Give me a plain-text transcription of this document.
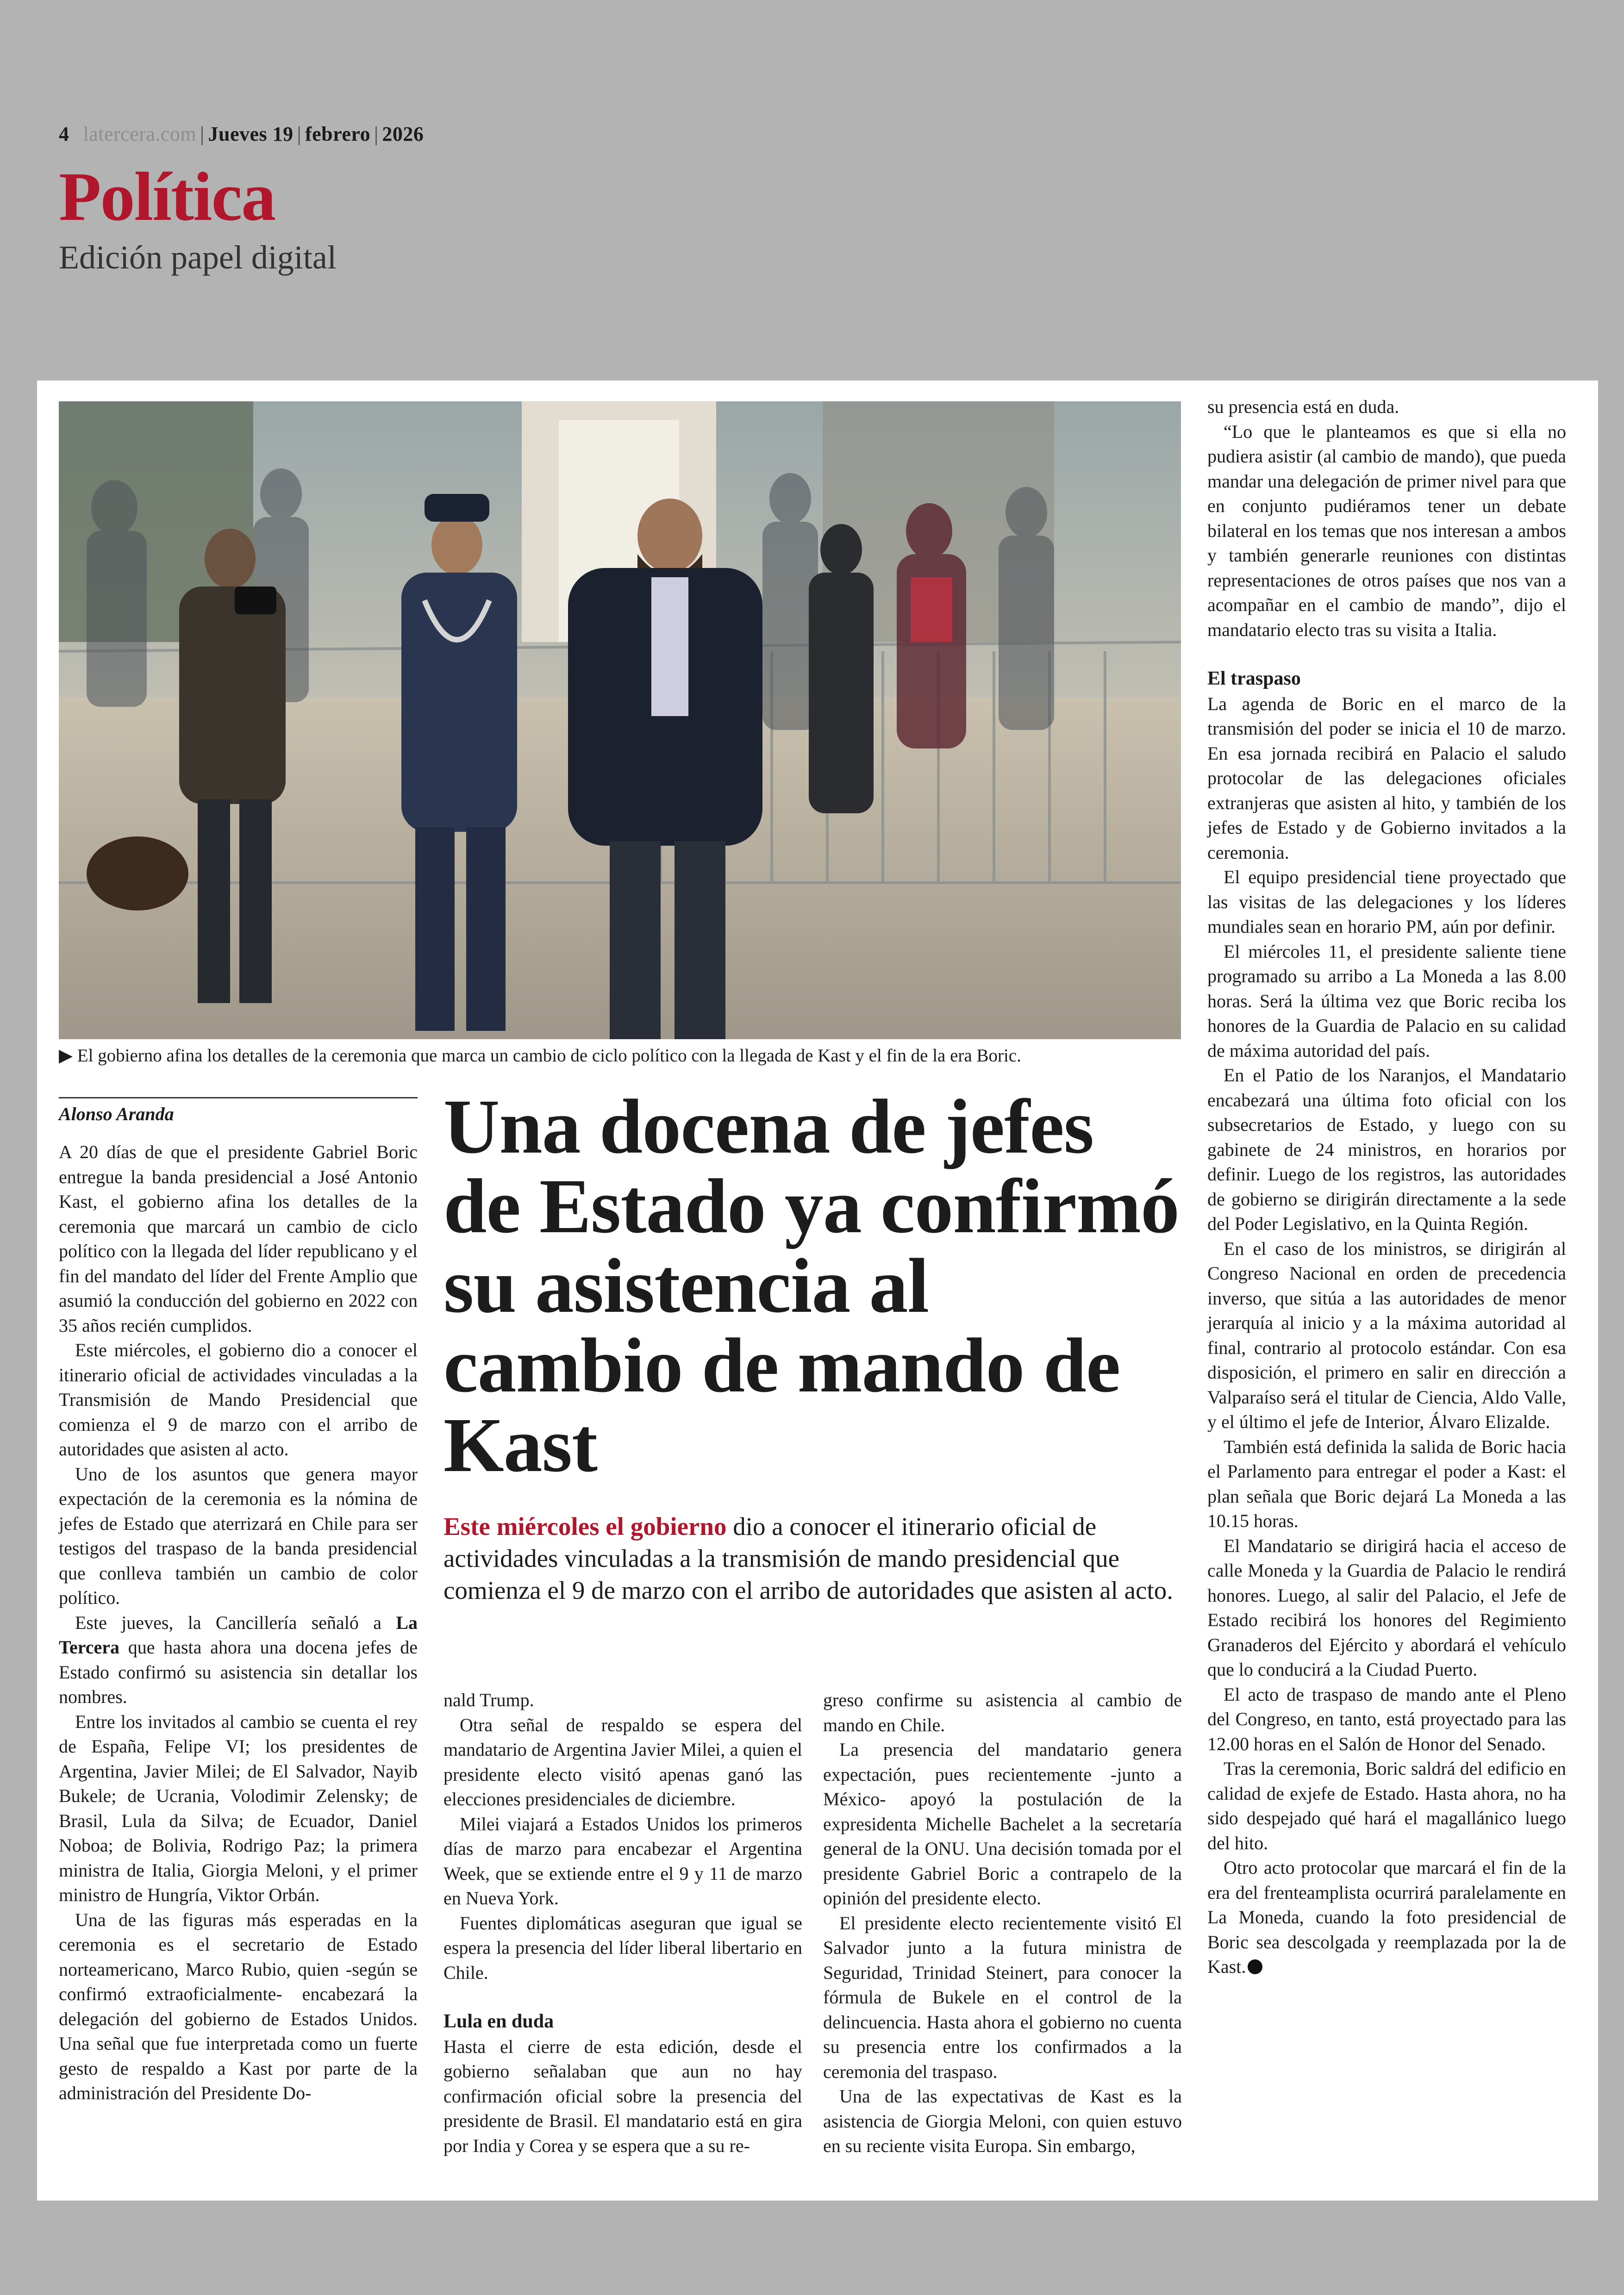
4 latercera.com | Jueves 19 | febrero | 2026
Política
Edición papel digital
▶ El gobierno afina los detalles de la ceremonia que marca un cambio de ciclo político con la llegada de Kast y el fin de la era Boric.
Alonso Aranda	Una docena de jefes de Estado ya confirmó su asistencia al cambio de mando de Kast
Este miércoles el gobierno dio a conocer el itinerario oficial de actividades vinculadas a la transmisión de mando presidencial que comienza el 9 de marzo con el arribo de autoridades que asisten al acto.

A 20 días de que el presidente Gabriel Boric entregue la banda presidencial a José Antonio Kast, el gobierno afina los detalles de la ceremonia que marcará un cambio de ciclo político con la llegada del líder republicano y el fin del mandato del líder del Frente Amplio que asumió la conducción del gobierno en 2022 con 35 años recién cumplidos.

Este miércoles, el gobierno dio a conocer el itinerario oficial de actividades vinculadas a la Transmisión de Mando Presidencial que comienza el 9 de marzo con el arribo de autoridades que asisten al acto.

Uno de los asuntos que genera mayor expectación de la ceremonia es la nómina de jefes de Estado que aterrizará en Chile para ser testigos del traspaso de la banda presidencial que conlleva también un cambio de color político.

Este jueves, la Cancillería señaló a La Tercera que hasta ahora una docena jefes de Estado confirmó su asistencia sin detallar los nombres.

Entre los invitados al cambio se cuenta el rey de España, Felipe VI; los presidentes de Argentina, Javier Milei; de El Salvador, Nayib Bukele; de Ucrania, Volodimir Zelensky; de Brasil, Lula da Silva; de Ecuador, Daniel Noboa; de Bolivia, Rodrigo Paz; la primera ministra de Italia, Giorgia Meloni, y el primer ministro de Hungría, Viktor Orbán.

Una de las figuras más esperadas en la ceremonia es el secretario de Estado norteamericano, Marco Rubio, quien -según se confirmó extraoficialmente- encabezará la delegación del gobierno de Estados Unidos. Una señal que fue interpretada como un fuerte gesto de respaldo a Kast por parte de la administración del Presidente Do-

nald Trump.

Otra señal de respaldo se espera del mandatario de Argentina Javier Milei, a quien el presidente electo visitó apenas ganó las elecciones presidenciales de diciembre.

Milei viajará a Estados Unidos los primeros días de marzo para encabezar el Argentina Week, que se extiende entre el 9 y 11 de marzo en Nueva York.

Fuentes diplomáticas aseguran que igual se espera la presencia del líder liberal libertario en Chile.

Lula en duda

Hasta el cierre de esta edición, desde el gobierno señalaban que aun no hay confirmación oficial sobre la presencia del presidente de Brasil. El mandatario está en gira por India y Corea y se espera que a su re-

greso confirme su asistencia al cambio de mando en Chile.

La presencia del mandatario genera expectación, pues recientemente -junto a México- apoyó la postulación de la expresidenta Michelle Bachelet a la secretaría general de la ONU. Una decisión tomada por el presidente Gabriel Boric a contrapelo de la opinión del presidente electo.

El presidente electo recientemente visitó El Salvador junto a la futura ministra de Seguridad, Trinidad Steinert, para conocer la fórmula de Bukele en el control de la delincuencia. Hasta ahora el gobierno no cuenta su presencia entre los confirmados a la ceremonia del traspaso.

Una de las expectativas de Kast es la asistencia de Giorgia Meloni, con quien estuvo en su reciente visita Europa. Sin embargo,

su presencia está en duda.

“Lo que le planteamos es que si ella no pudiera asistir (al cambio de mando), que pueda mandar una delegación de primer nivel para que en conjunto pudiéramos tener un debate bilateral en los temas que nos interesan a ambos y también generarle reuniones con distintas representaciones de otros países que nos van a acompañar en el cambio de mando”, dijo el mandatario electo tras su visita a Italia.

El traspaso

La agenda de Boric en el marco de la transmisión del poder se inicia el 10 de marzo. En esa jornada recibirá en Palacio el saludo protocolar de las delegaciones oficiales extranjeras que asisten al hito, y también de los jefes de Estado y de Gobierno invitados a la ceremonia.

El equipo presidencial tiene proyectado que las visitas de las delegaciones y los líderes mundiales sean en horario PM, aún por definir.

El miércoles 11, el presidente saliente tiene programado su arribo a La Moneda a las 8.00 horas. Será la última vez que Boric reciba los honores de la Guardia de Palacio en su calidad de máxima autoridad del país.

En el Patio de los Naranjos, el Mandatario encabezará una última foto oficial con los subsecretarios de Estado, y luego con su gabinete de 24 ministros, en horarios por definir. Luego de los registros, las autoridades de gobierno se dirigirán directamente a la sede del Poder Legislativo, en la Quinta Región.

En el caso de los ministros, se dirigirán al Congreso Nacional en orden de precedencia inverso, que sitúa a las autoridades de menor jerarquía al inicio y a la máxima autoridad al final, contrario al protocolo estándar. Con esa disposición, el primero en salir en dirección a Valparaíso será el titular de Ciencia, Aldo Valle, y el último el jefe de Interior, Álvaro Elizalde.

También está definida la salida de Boric hacia el Parlamento para entregar el poder a Kast: el plan señala que Boric dejará La Moneda a las 10.15 horas.

El Mandatario se dirigirá hacia el acceso de calle Moneda y la Guardia de Palacio le rendirá honores. Luego, al salir del Palacio, el Jefe de Estado recibirá los honores del Regimiento Granaderos del Ejército y abordará el vehículo que lo conducirá a la Ciudad Puerto.

El acto de traspaso de mando ante el Pleno del Congreso, en tanto, está proyectado para las 12.00 horas en el Salón de Honor del Senado.

Tras la ceremonia, Boric saldrá del edificio en calidad de exjefe de Estado. Hasta ahora, no ha sido despejado qué hará el magallánico luego del hito.

Otro acto protocolar que marcará el fin de la era del frenteamplista ocurrirá paralelamente en La Moneda, cuando la foto presidencial de Boric sea descolgada y reemplazada por la de Kast.
